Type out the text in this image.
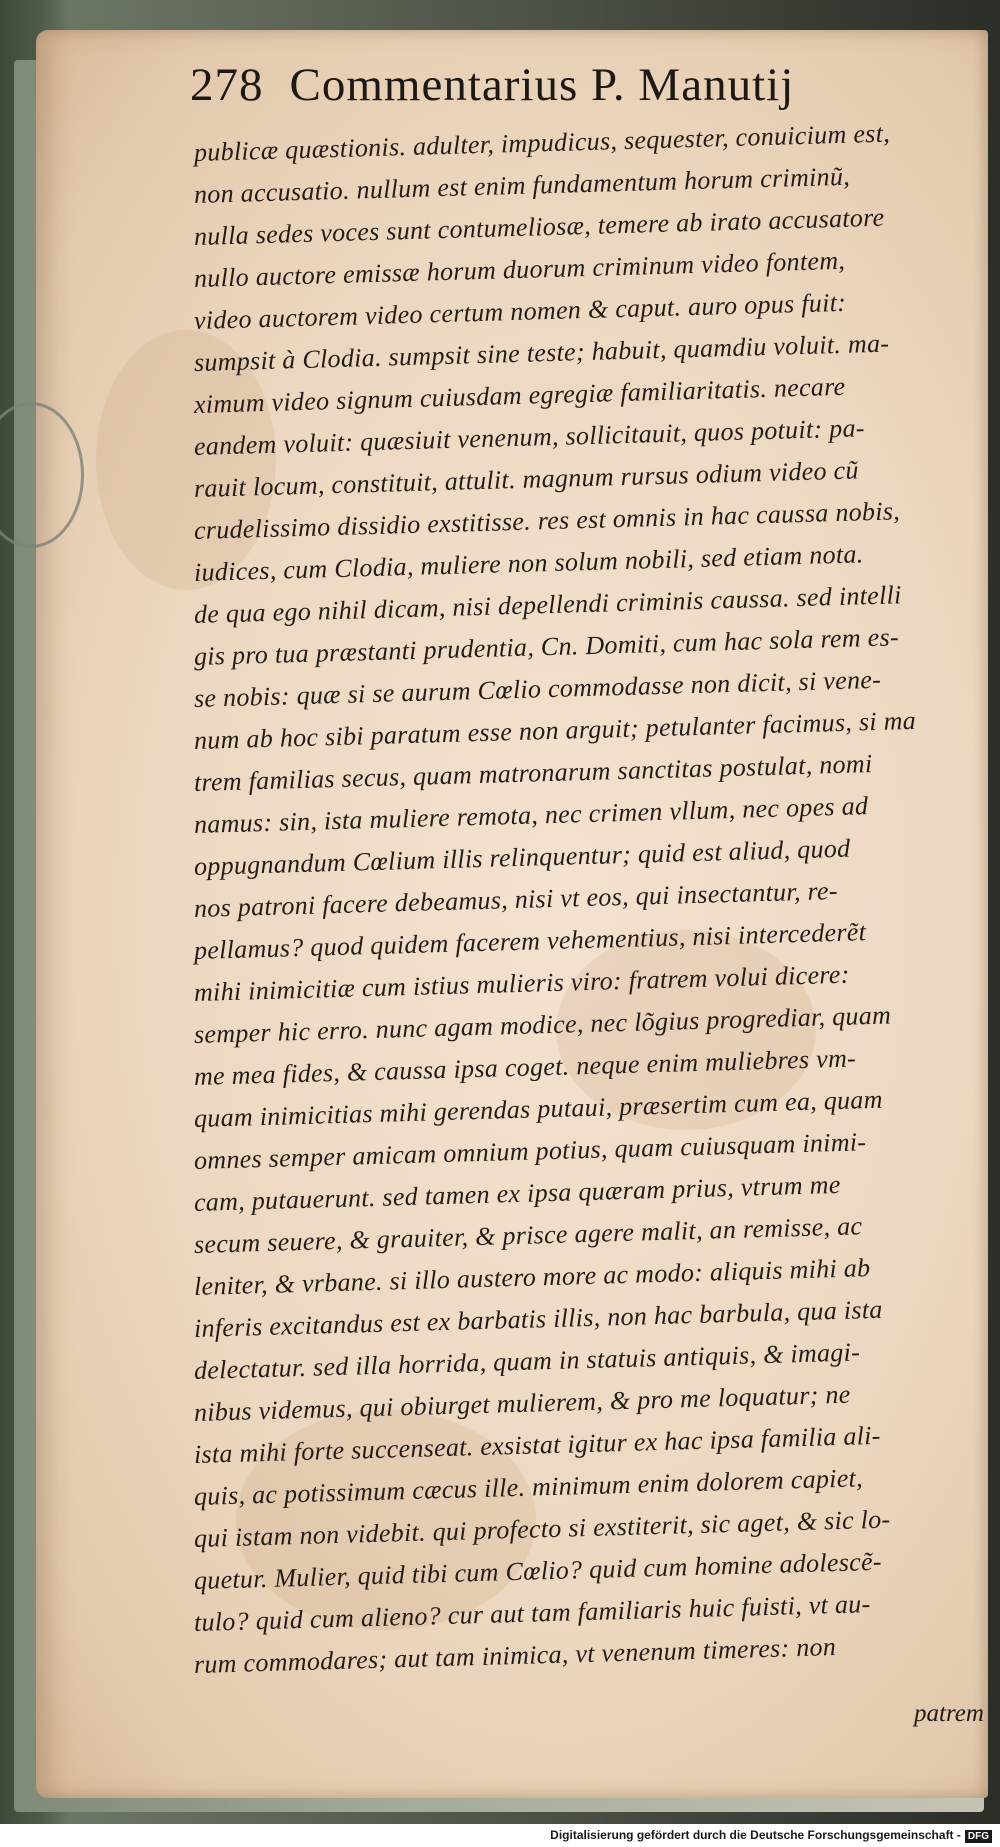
278 Commentarius P. Manutij
publicæ quæstionis. adulter, impudicus, sequester, conuicium est,
non accusatio. nullum est enim fundamentum horum criminũ,
nulla sedes voces sunt contumeliosæ, temere ab irato accusatore
nullo auctore emissæ horum duorum criminum video fontem,
video auctorem video certum nomen & caput. auro opus fuit:
sumpsit à Clodia. sumpsit sine teste; habuit, quamdiu voluit. ma-
ximum video signum cuiusdam egregiæ familiaritatis. necare
eandem voluit: quæsiuit venenum, sollicitauit, quos potuit: pa-
rauit locum, constituit, attulit. magnum rursus odium video cũ
crudelissimo dissidio exstitisse. res est omnis in hac caussa nobis,
iudices, cum Clodia, muliere non solum nobili, sed etiam nota.
de qua ego nihil dicam, nisi depellendi criminis caussa. sed intelli
gis pro tua præstanti prudentia, Cn. Domiti, cum hac sola rem es-
se nobis: quæ si se aurum Cœlio commodasse non dicit, si vene-
num ab hoc sibi paratum esse non arguit; petulanter facimus, si ma
trem familias secus, quam matronarum sanctitas postulat, nomi
namus: sin, ista muliere remota, nec crimen vllum, nec opes ad
oppugnandum Cœlium illis relinquentur; quid est aliud, quod
nos patroni facere debeamus, nisi vt eos, qui insectantur, re-
pellamus? quod quidem facerem vehementius, nisi intercederẽt
mihi inimicitiæ cum istius mulieris viro: fratrem volui dicere:
semper hic erro. nunc agam modice, nec lõgius progrediar, quam
me mea fides, & caussa ipsa coget. neque enim muliebres vm-
quam inimicitias mihi gerendas putaui, præsertim cum ea, quam
omnes semper amicam omnium potius, quam cuiusquam inimi-
cam, putauerunt. sed tamen ex ipsa quæram prius, vtrum me
secum seuere, & grauiter, & prisce agere malit, an remisse, ac
leniter, & vrbane. si illo austero more ac modo: aliquis mihi ab
inferis excitandus est ex barbatis illis, non hac barbula, qua ista
delectatur. sed illa horrida, quam in statuis antiquis, & imagi-
nibus videmus, qui obiurget mulierem, & pro me loquatur; ne
ista mihi forte succenseat. exsistat igitur ex hac ipsa familia ali-
quis, ac potissimum cæcus ille. minimum enim dolorem capiet,
qui istam non videbit. qui profecto si exstiterit, sic aget, & sic lo-
quetur. Mulier, quid tibi cum Cœlio? quid cum homine adolescẽ-
tulo? quid cum alieno? cur aut tam familiaris huic fuisti, vt au-
rum commodares; aut tam inimica, vt venenum timeres: non
patrem
Digitalisierung gefördert durch die Deutsche Forschungsgemeinschaft - DFG
